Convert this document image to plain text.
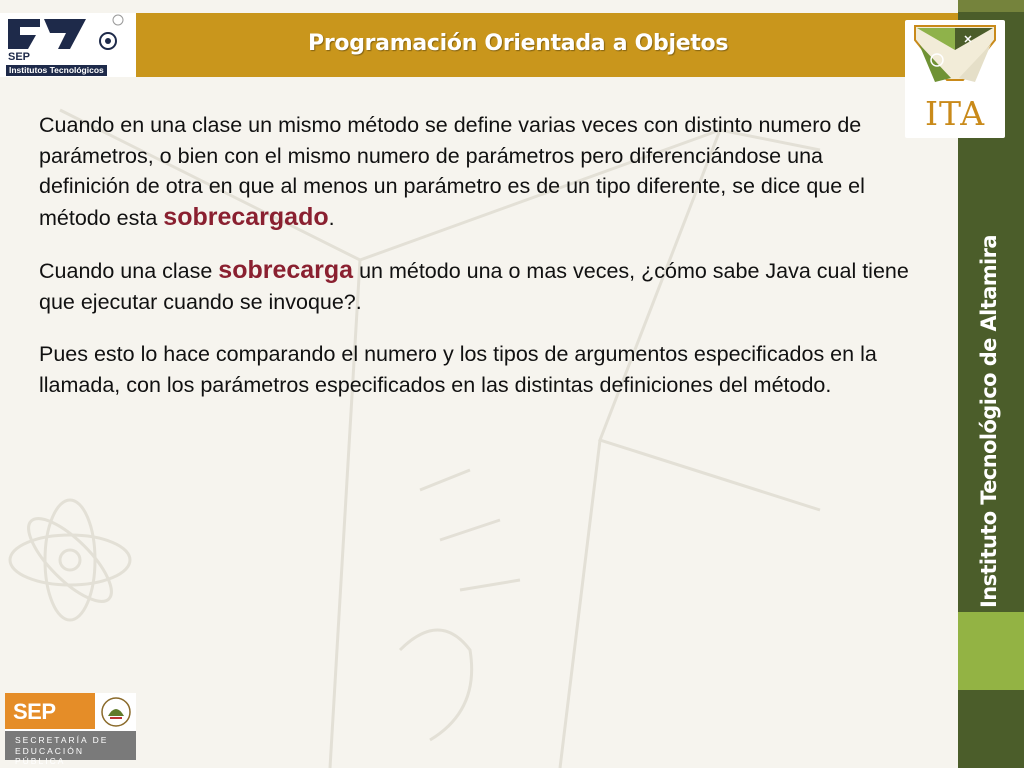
SEP
Institutos Tecnológicos
Programación Orientada a Objetos
Instituto Tecnológico de Altamira
ITA

Cuando en una clase un mismo método se define varias veces con distinto numero de parámetros, o bien con el mismo numero de parámetros pero diferenciándose una definición de otra en que al menos un parámetro es de un tipo diferente, se dice que el método esta sobrecargado.

Cuando una clase sobrecarga un método una o mas veces, ¿cómo sabe Java cual tiene que ejecutar cuando se invoque?.

Pues esto lo hace comparando el numero y los tipos de argumentos especificados en la llamada, con los parámetros especificados en las distintas definiciones del método.

SEP
SECRETARÍA DE
EDUCACIÓN PÚBLICA
